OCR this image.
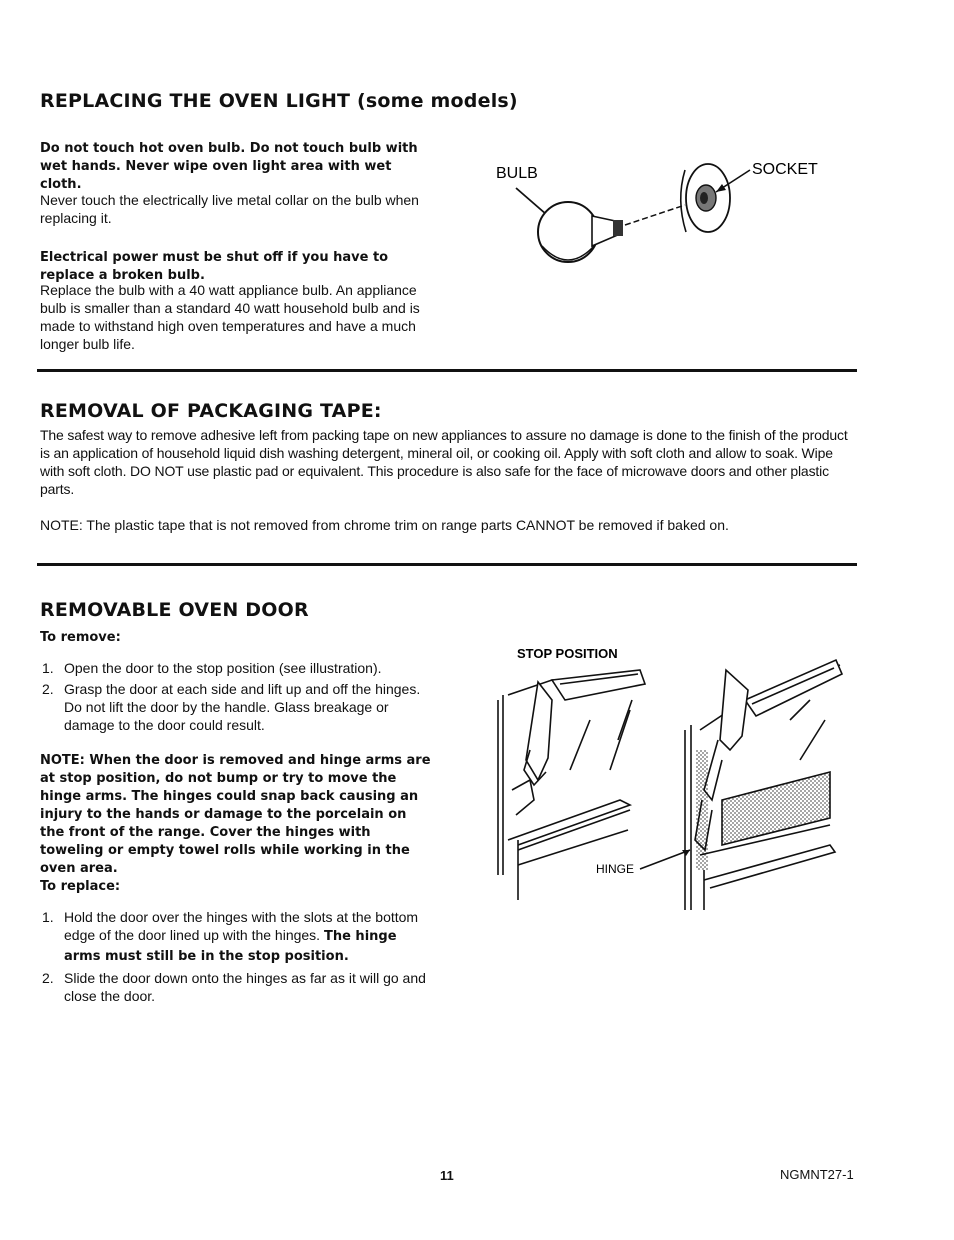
REPLACING THE OVEN LIGHT (some models)

Do not touch hot oven bulb. Do not touch bulb with wet hands. Never wipe oven light area with wet cloth.

Never touch the electrically live metal collar on the bulb when replacing it.

Electrical power must be shut off if you have to replace a broken bulb.

Replace the bulb with a 40 watt appliance bulb. An appliance bulb is smaller than a standard 40 watt household bulb and is made to withstand high oven temperatures and have a much longer bulb life.

BULB	SOCKET
REMOVAL OF PACKAGING TAPE:

The safest way to remove adhesive left from packing tape on new appliances to assure no damage is done to the finish of the product is an application of household liquid dish washing detergent, mineral oil, or cooking oil. Apply with soft cloth and allow to soak. Wipe with soft cloth. DO NOT use plastic pad or equivalent. This procedure is also safe for the face of microwave doors and other plastic parts.

NOTE: The plastic tape that is not removed from chrome trim on range parts CANNOT be removed if baked on.

REMOVABLE OVEN DOOR
To remove:
1. Open the door to the stop position (see illustration).
2. Grasp the door at each side and lift up and off the hinges. Do not lift the door by the handle. Glass breakage or damage to the door could result.

NOTE: When the door is removed and hinge arms are at stop position, do not bump or try to move the hinge arms. The hinges could snap back causing an injury to the hands or damage to the porcelain on the front of the range. Cover the hinges with toweling or empty towel rolls while working in the oven area.

To replace:
1. Hold the door over the hinges with the slots at the bottom edge of the door lined up with the hinges. The hinge arms must still be in the stop position.
2. Slide the door down onto the hinges as far as it will go and close the door.
STOP POSITION
HINGE
11	NGMNT27-1
